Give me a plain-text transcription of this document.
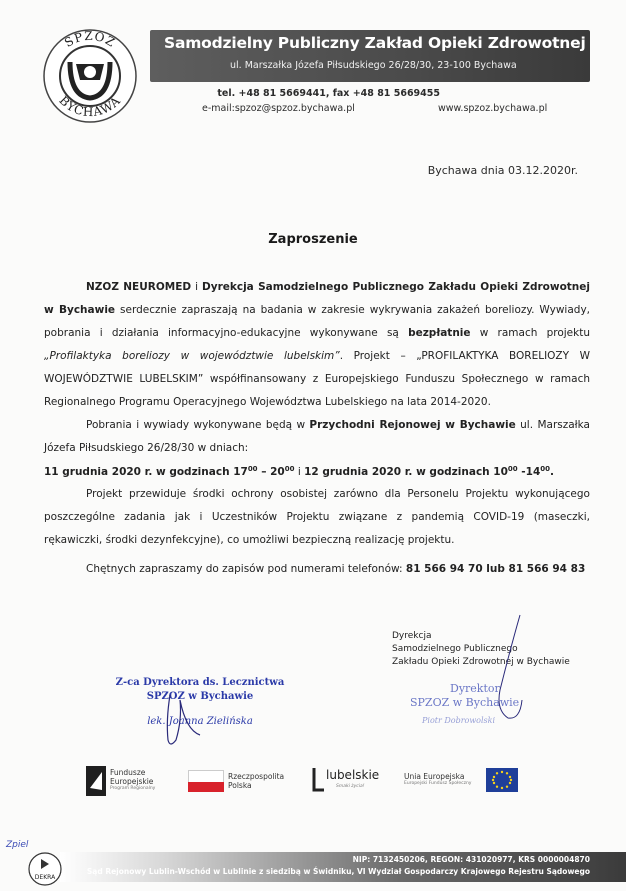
SPZOZ
BYCHAWA
Samodzielny Publiczny Zakład Opieki Zdrowotnej
ul. Marszałka Józefa Piłsudskiego 26/28/30, 23-100 Bychawa
tel. +48 81 5669441, fax +48 81 5669455
e-mail:spzoz@spzoz.bychawa.pl	www.spzoz.bychawa.pl
Bychawa dnia 03.12.2020r.
Zaproszenie
NZOZ NEUROMED i Dyrekcja Samodzielnego Publicznego Zakładu Opieki Zdrowotnej w Bychawie serdecznie zapraszają na badania w zakresie wykrywania zakażeń boreliozy. Wywiady, pobrania i działania informacyjno-edukacyjne wykonywane są bezpłatnie w ramach projektu „Profilaktyka boreliozy w województwie lubelskim”. Projekt – „PROFILAKTYKA BORELIOZY W WOJEWÓDZTWIE LUBELSKIM” współfinansowany z Europejskiego Funduszu Społecznego w ramach Regionalnego Programu Operacyjnego Województwa Lubelskiego na lata 2014-2020.
Pobrania i wywiady wykonywane będą w Przychodni Rejonowej w Bychawie ul. Marszałka Józefa Piłsudskiego 26/28/30 w dniach:
11 grudnia 2020 r. w godzinach $17^{00} - 20^{00}$ i 12 grudnia 2020 r. w godzinach $10^{00}$ $-14^{00}$.
Projekt przewiduje środki ochrony osobistej zarówno dla Personelu Projektu wykonującego poszczególne zadania jak i Uczestników Projektu związane z pandemią COVID-19 (maseczki, rękawiczki, środki dezynfekcyjne), co umożliwi bezpieczną realizację projektu.
Chętnych zapraszamy do zapisów pod numerami telefonów: 81 566 94 70 lub 81 566 94 83
Z-ca Dyrektora ds. Lecznictwa
SPZOZ w Bychawie
lek. Joanna Zielińska
Dyrekcja
Samodzielnego Publicznego
Zakładu Opieki Zdrowotnej w Bychawie
Dyrektor
SPZOZ w Bychawie
Piotr Dobrowolski
Fundusze
Europejskie
Program Regionalny
Rzeczpospolita
Polska
lubelskie
Smaki życia!
Unia Europejska
Europejski Fundusz Społeczny
Zpiel
DEKRA
NIP: 7132450206, REGON: 431020977, KRS 0000004870
Sąd Rejonowy Lublin-Wschód w Lublinie z siedzibą w Świdniku, VI Wydział Gospodarczy Krajowego Rejestru Sądowego
